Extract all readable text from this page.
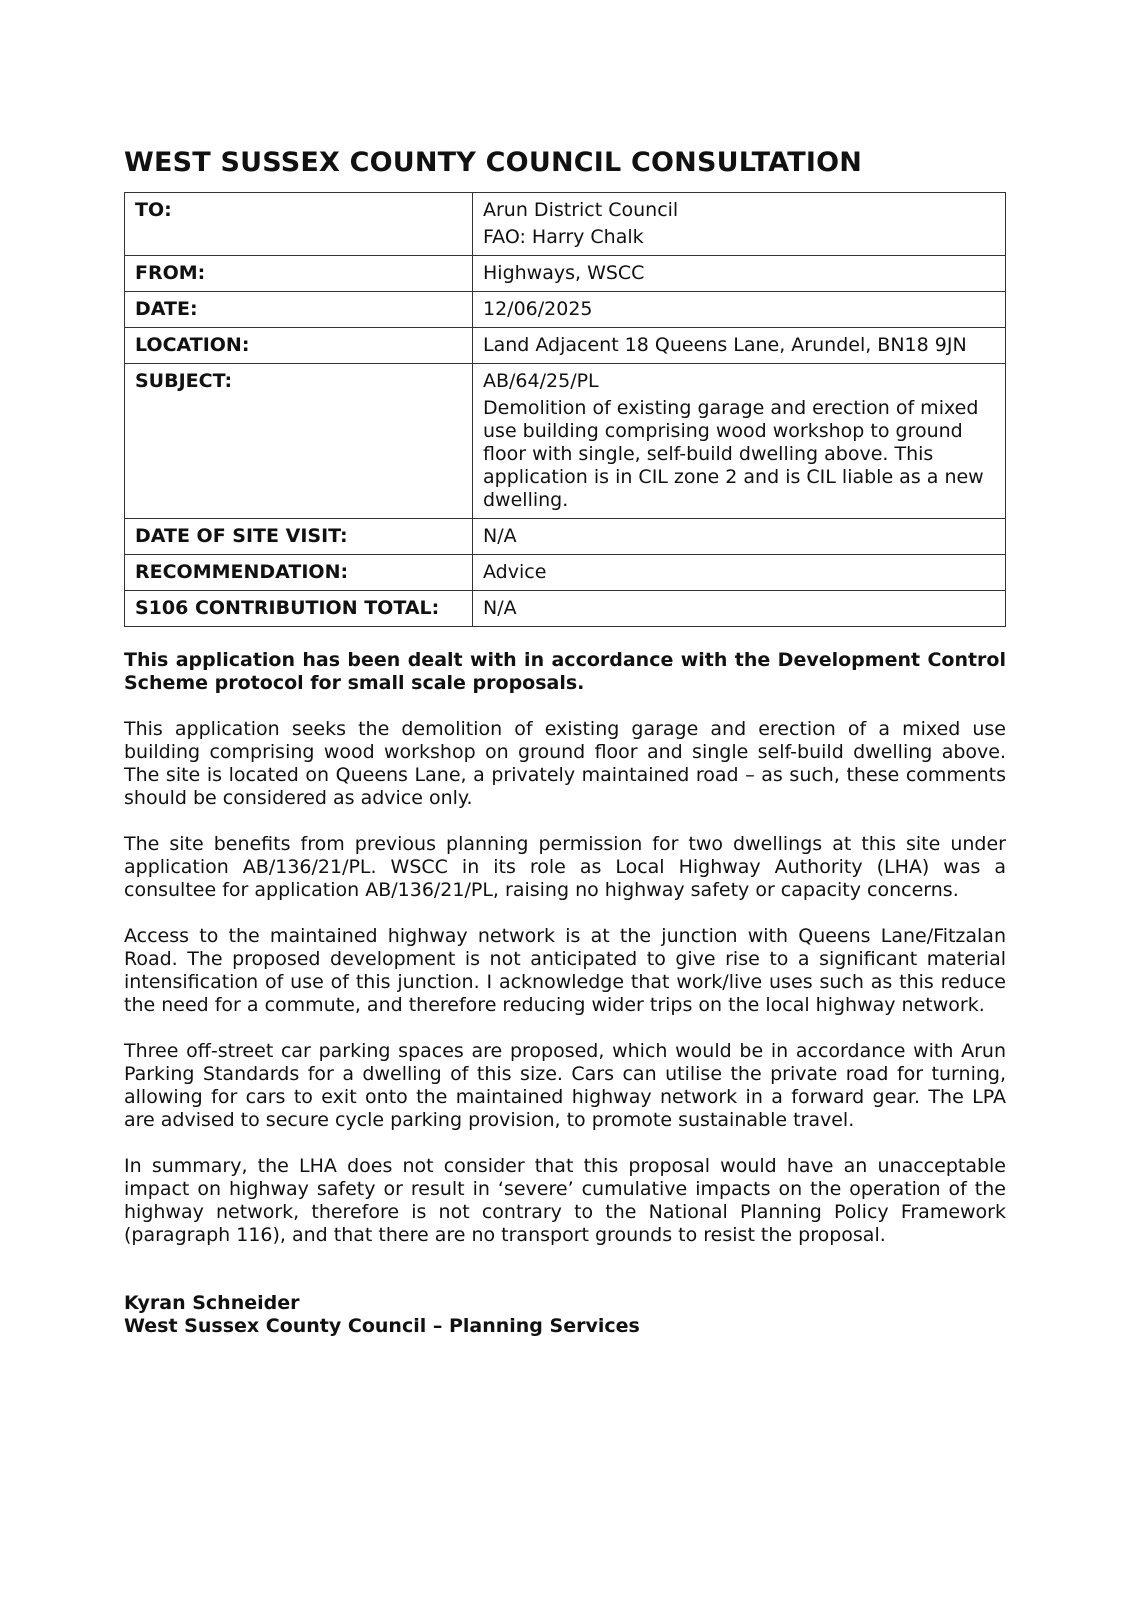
WEST SUSSEX COUNTY COUNCIL CONSULTATION
TO:	Arun District Council
FAO: Harry Chalk

FROM:	Highways, WSCC
DATE:	12/06/2025
LOCATION:	Land Adjacent 18 Queens Lane, Arundel, BN18 9JN
SUBJECT:	AB/64/25/PL
Demolition of existing garage and erection of mixed use building comprising wood workshop to ground floor with single, self-build dwelling above. This application is in CIL zone 2 and is CIL liable as a new dwelling.

DATE OF SITE VISIT:	N/A
RECOMMENDATION:	Advice
S106 CONTRIBUTION TOTAL:	N/A

This application has been dealt with in accordance with the Development Control Scheme protocol for small scale proposals.

This application seeks the demolition of existing garage and erection of a mixed use building comprising wood workshop on ground floor and single self-build dwelling above. The site is located on Queens Lane, a privately maintained road – as such, these comments should be considered as advice only.

The site benefits from previous planning permission for two dwellings at this site under application AB/136/21/PL. WSCC in its role as Local Highway Authority (LHA) was a consultee for application AB/136/21/PL, raising no highway safety or capacity concerns.

Access to the maintained highway network is at the junction with Queens Lane/Fitzalan Road. The proposed development is not anticipated to give rise to a significant material intensification of use of this junction. I acknowledge that work/live uses such as this reduce the need for a commute, and therefore reducing wider trips on the local highway network.

Three off-street car parking spaces are proposed, which would be in accordance with Arun Parking Standards for a dwelling of this size. Cars can utilise the private road for turning, allowing for cars to exit onto the maintained highway network in a forward gear. The LPA are advised to secure cycle parking provision, to promote sustainable travel.

In summary, the LHA does not consider that this proposal would have an unacceptable impact on highway safety or result in ‘severe’ cumulative impacts on the operation of the highway network, therefore is not contrary to the National Planning Policy Framework (paragraph 116), and that there are no transport grounds to resist the proposal.

Kyran Schneider
West Sussex County Council – Planning Services
